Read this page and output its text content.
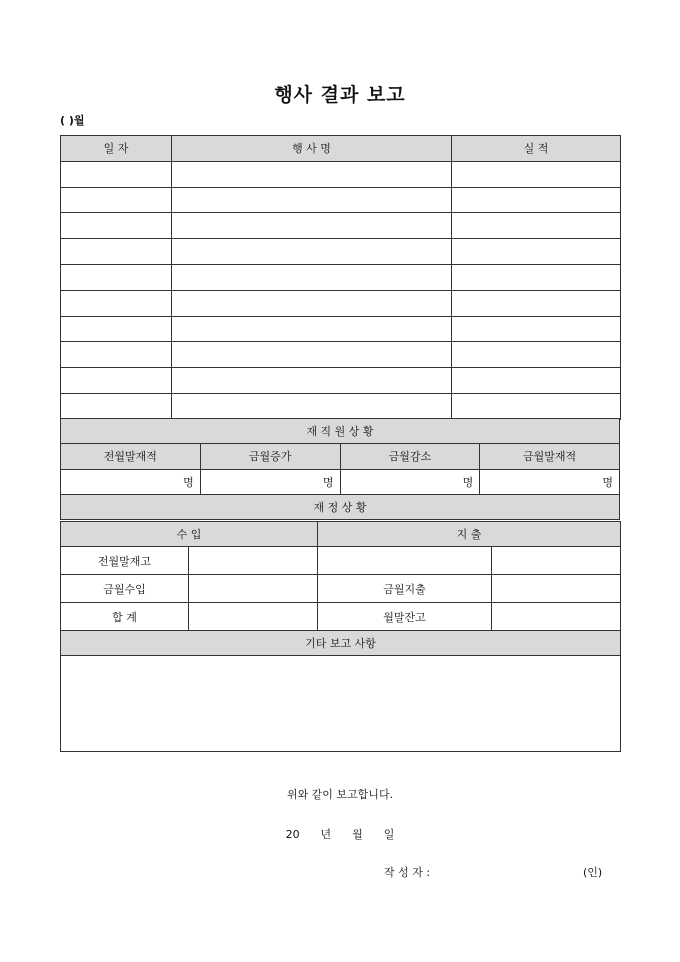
행사 결과 보고
( )월
일 자	행 사 명	실 적

재 직 원 상 황			
전월말재적	금월증가	금월감소	금월말재적
명	명	명	명
재 정 상 황			
수 입		지 출	
전월말재고			
금월수입		금월지출	
합 계		월말잔고	
기타 보고 사항			

위와 같이 보고합니다.
20      년      월      일
작 성 자 :	(인)
